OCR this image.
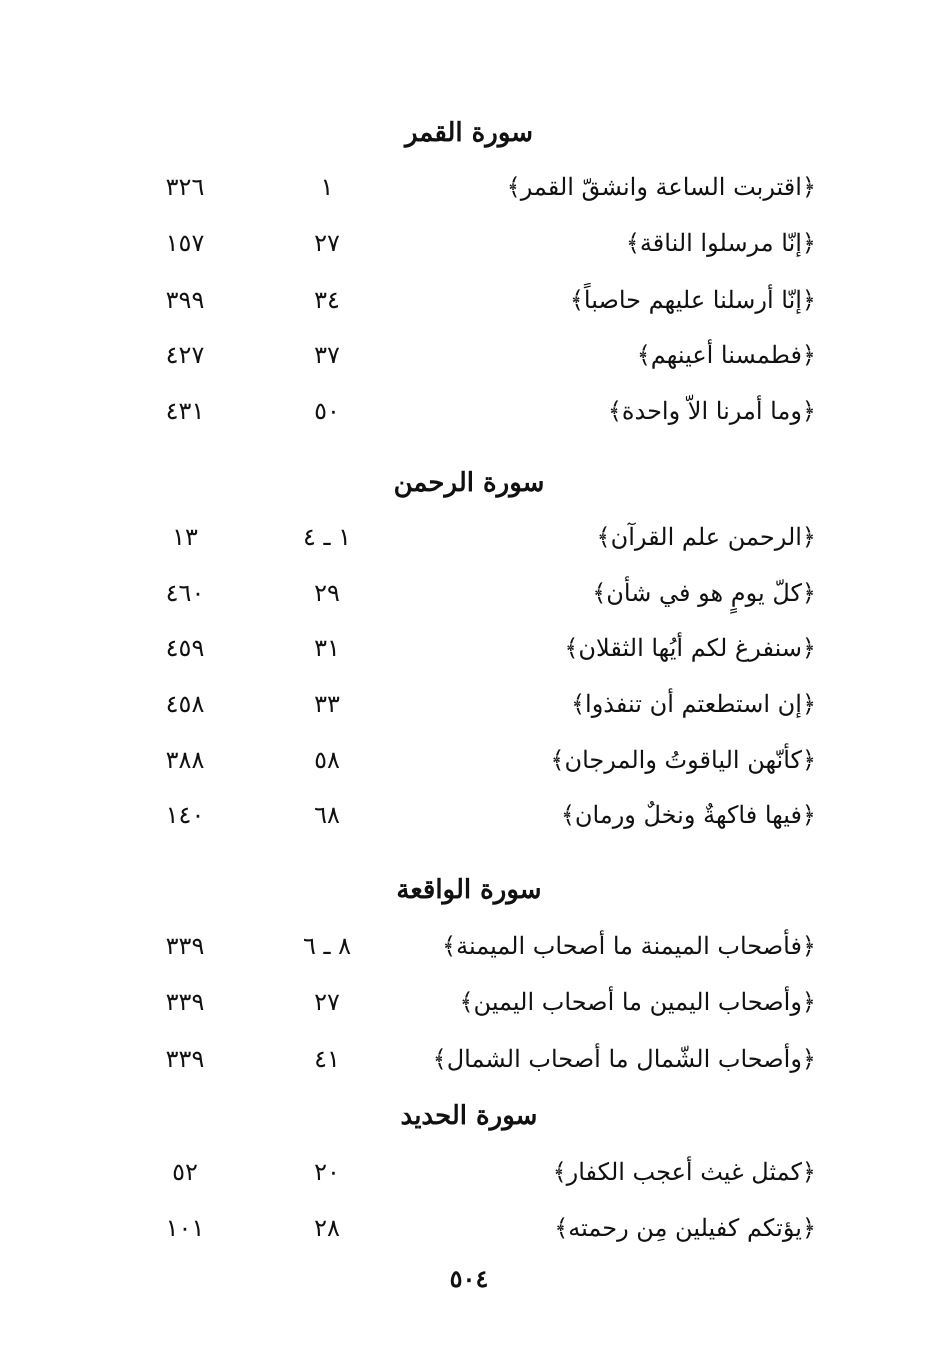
سورة القمر
﴿اقتربت الساعة وانشقّ القمر﴾
١
٣٢٦
﴿إنّا مرسلوا الناقة﴾
٢٧
١٥٧
﴿إنّا أرسلنا عليهم حاصباً﴾
٣٤
٣٩٩
﴿فطمسنا أعينهم﴾
٣٧
٤٢٧
﴿وما أمرنا الاّ واحدة﴾
٥٠
٤٣١
سورة الرحمن
﴿الرحمن علم القرآن﴾
١ ـ ٤
١٣
﴿كلّ يومٍ هو في شأن﴾
٢٩
٤٦٠
﴿سنفرغ لكم أيُها الثقلان﴾
٣١
٤٥٩
﴿إن استطعتم أن تنفذوا﴾
٣٣
٤٥٨
﴿كأنّهن الياقوتُ والمرجان﴾
٥٨
٣٨٨
﴿فيها فاكهةٌ ونخلٌ ورمان﴾
٦٨
١٤٠
سورة الواقعة
﴿فأصحاب الميمنة ما أصحاب الميمنة﴾
٨ ـ ٦
٣٣٩
﴿وأصحاب اليمين ما أصحاب اليمين﴾
٢٧
٣٣٩
﴿وأصحاب الشّمال ما أصحاب الشمال﴾
٤١
٣٣٩
سورة الحديد
﴿كمثل غيث أعجب الكفار﴾
٢٠
٥٢
﴿يؤتكم كفيلين مِن رحمته﴾
٢٨
١٠١
٥٠٤
